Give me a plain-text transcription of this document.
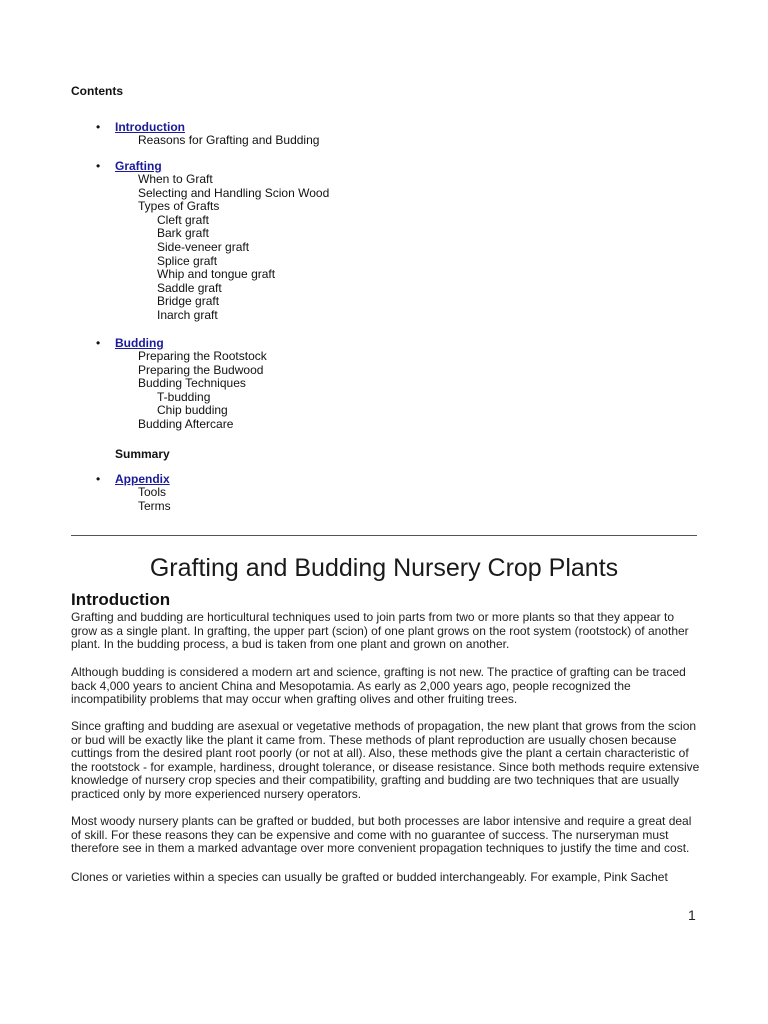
Contents
• Introduction
Reasons for Grafting and Budding
• Grafting
When to Graft
Selecting and Handling Scion Wood
Types of Grafts
Cleft graft
Bark graft
Side-veneer graft
Splice graft
Whip and tongue graft
Saddle graft
Bridge graft
Inarch graft
• Budding
Preparing the Rootstock
Preparing the Budwood
Budding Techniques
T-budding
Chip budding
Budding Aftercare
Summary
• Appendix
Tools
Terms
Grafting and Budding Nursery Crop Plants
Introduction

Grafting and budding are horticultural techniques used to join parts from two or more plants so that they appear to grow as a single plant. In grafting, the upper part (scion) of one plant grows on the root system (rootstock) of another plant. In the budding process, a bud is taken from one plant and grown on another.

Although budding is considered a modern art and science, grafting is not new. The practice of grafting can be traced back 4,000 years to ancient China and Mesopotamia. As early as 2,000 years ago, people recognized the incompatibility problems that may occur when grafting olives and other fruiting trees.

Since grafting and budding are asexual or vegetative methods of propagation, the new plant that grows from the scion or bud will be exactly like the plant it came from. These methods of plant reproduction are usually chosen because cuttings from the desired plant root poorly (or not at all). Also, these methods give the plant a certain characteristic of the rootstock - for example, hardiness, drought tolerance, or disease resistance. Since both methods require extensive knowledge of nursery crop species and their compatibility, grafting and budding are two techniques that are usually practiced only by more experienced nursery operators.

Most woody nursery plants can be grafted or budded, but both processes are labor intensive and require a great deal of skill. For these reasons they can be expensive and come with no guarantee of success. The nurseryman must therefore see in them a marked advantage over more convenient propagation techniques to justify the time and cost.

Clones or varieties within a species can usually be grafted or budded interchangeably. For example, Pink Sachet

1
